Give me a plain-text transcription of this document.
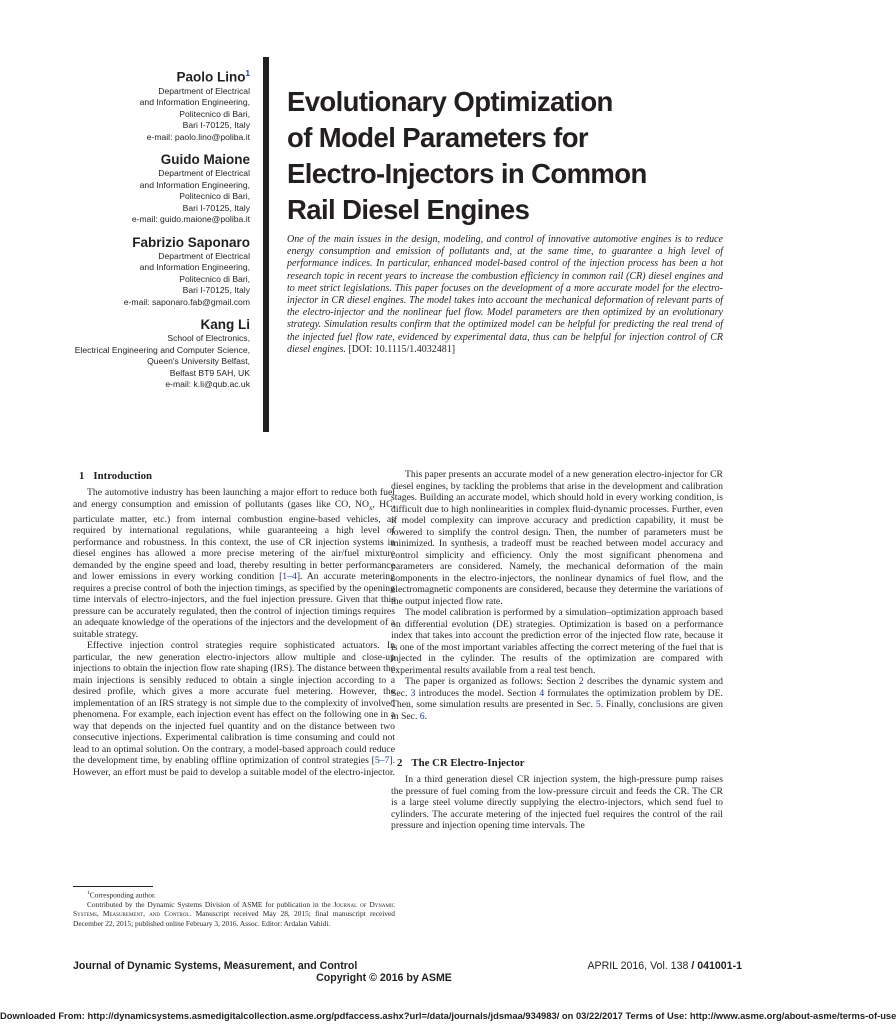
Paolo Lino$^1$
Department of Electrical
and Information Engineering,
Politecnico di Bari,
Bari I-70125, Italy
e-mail: paolo.lino@poliba.it
Guido Maione
Department of Electrical
and Information Engineering,
Politecnico di Bari,
Bari I-70125, Italy
e-mail: guido.maione@poliba.it
Fabrizio Saponaro
Department of Electrical
and Information Engineering,
Politecnico di Bari,
Bari I-70125, Italy
e-mail: saponaro.fab@gmail.com
Kang Li
School of Electronics,
Electrical Engineering and Computer Science,
Queen's University Belfast,
Belfast BT9 5AH, UK
e-mail: k.li@qub.ac.uk
Evolutionary Optimization
of Model Parameters for
Electro-Injectors in Common
Rail Diesel Engines
One of the main issues in the design, modeling, and control of innovative automotive engines is to reduce energy consumption and emission of pollutants and, at the same time, to guarantee a high level of performance indices. In particular, enhanced model-based control of the injection process has been a hot research topic in recent years to increase the combustion efficiency in common rail (CR) diesel engines and to meet strict legislations. This paper focuses on the development of a more accurate model for the electro-injector in CR diesel engines. The model takes into account the mechanical deformation of relevant parts of the electro-injector and the nonlinear fuel flow. Model parameters are then optimized by an evolutionary strategy. Simulation results confirm that the optimized model can be helpful for predicting the real trend of the injected fuel flow rate, evidenced by experimental data, thus can be helpful for injection control of CR diesel engines. [DOI: 10.1115/1.4032481]
1 Introduction

The automotive industry has been launching a major effort to reduce both fuel and energy consumption and emission of pollutants (gases like CO, $NO_x$, HC, particulate matter, etc.) from internal combustion engine-based vehicles, as required by international regulations, while guaranteeing a high level of performance and robustness. In this context, the use of CR injection systems in diesel engines has allowed a more precise metering of the air/fuel mixture demanded by the engine speed and load, thereby resulting in better performance and lower emissions in every working condition [1–4]. An accurate metering requires a precise control of both the injection timings, as specified by the opening time intervals of electro-injectors, and the fuel injection pressure. Given that this pressure can be accurately regulated, then the control of injection timings requires an adequate knowledge of the operations of the injectors and the development of a suitable strategy.

Effective injection control strategies require sophisticated actuators. In particular, the new generation electro-injectors allow multiple and close-up injections to obtain the injection flow rate shaping (IRS). The distance between the main injections is sensibly reduced to obtain a single injection according to a desired profile, which gives a more accurate fuel metering. However, the implementation of an IRS strategy is not simple due to the complexity of involved phenomena. For example, each injection event has effect on the following one in a way that depends on the injected fuel quantity and on the distance between two consecutive injections. Experimental calibration is time consuming and could not lead to an optimal solution. On the contrary, a model-based approach could reduce the development time, by enabling offline optimization of control strategies [5–7]. However, an effort must be paid to develop a suitable model of the electro-injector.

This paper presents an accurate model of a new generation electro-injector for CR diesel engines, by tackling the problems that arise in the development and calibration stages. Building an accurate model, which should hold in every working condition, is difficult due to high nonlinearities in complex fluid-dynamic processes. Further, even if model complexity can improve accuracy and prediction capability, it must be lowered to simplify the control design. Then, the number of parameters must be minimized. In synthesis, a tradeoff must be reached between model accuracy and control simplicity and efficiency. Only the most significant phenomena and parameters are considered. Namely, the mechanical deformation of the main components in the electro-injectors, the nonlinear dynamics of fuel flow, and the electromagnetic components are considered, because they determine the variations of the output injected flow rate.

The model calibration is performed by a simulation–optimization approach based on differential evolution (DE) strategies. Optimization is based on a performance index that takes into account the prediction error of the injected flow rate, because it is one of the most important variables affecting the correct metering of the fuel that is injected in the cylinder. The results of the optimization are compared with experimental results available from a real test bench.

The paper is organized as follows: Section 2 describes the dynamic system and Sec. 3 introduces the model. Section 4 formulates the optimization problem by DE. Then, some simulation results are presented in Sec. 5. Finally, conclusions are given in Sec. 6.

2 The CR Electro-Injector

In a third generation diesel CR injection system, the high-pressure pump raises the pressure of fuel coming from the low-pressure circuit and feeds the CR. The CR is a large steel volume directly supplying the electro-injectors, which send fuel to cylinders. The accurate metering of the injected fuel requires the control of the rail pressure and injection opening time intervals. The

$^1$Corresponding author.
Contributed by the Dynamic Systems Division of ASME for publication in the Journal of Dynamic Systems, Measurement, and Control. Manuscript received May 28, 2015; final manuscript received December 22, 2015; published online February 3, 2016. Assoc. Editor: Ardalan Vahidi.
Journal of Dynamic Systems, Measurement, and Control	APRIL 2016, Vol. 138 / 041001-1
Copyright © 2016 by ASME
Downloaded From: http://dynamicsystems.asmedigitalcollection.asme.org/pdfaccess.ashx?url=/data/journals/jdsmaa/934983/ on 03/22/2017 Terms of Use: http://www.asme.org/about-asme/terms-of-use
